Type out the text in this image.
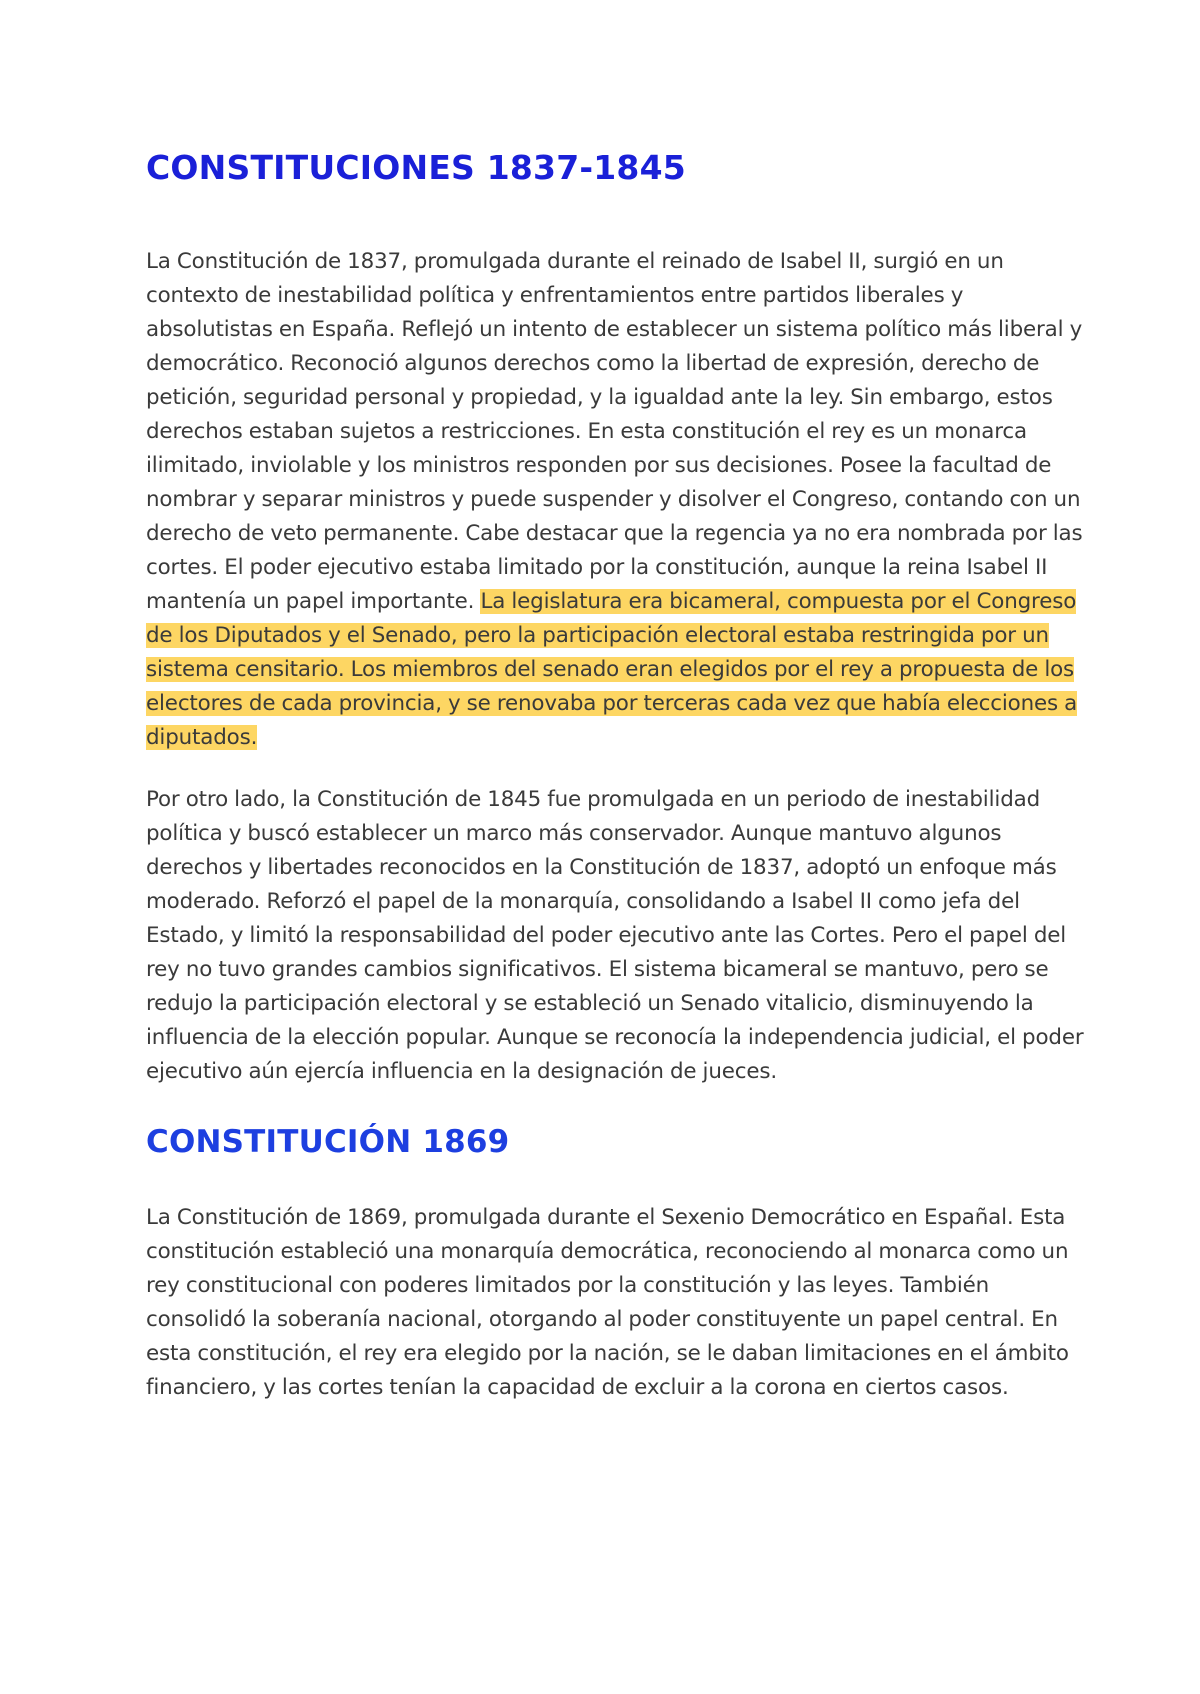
CONSTITUCIONES 1837-1845

La Constitución de 1837, promulgada durante el reinado de Isabel II, surgió en un contexto de inestabilidad política y enfrentamientos entre partidos liberales y absolutistas en España. Reflejó un intento de establecer un sistema político más liberal y democrático. Reconoció algunos derechos como la libertad de expresión, derecho de petición, seguridad personal y propiedad, y la igualdad ante la ley. Sin embargo, estos derechos estaban sujetos a restricciones. En esta constitución el rey es un monarca ilimitado, inviolable y los ministros responden por sus decisiones. Posee la facultad de nombrar y separar ministros y puede suspender y disolver el Congreso, contando con un derecho de veto permanente. Cabe destacar que la regencia ya no era nombrada por las cortes. El poder ejecutivo estaba limitado por la constitución, aunque la reina Isabel II mantenía un papel importante. La legislatura era bicameral, compuesta por el Congreso de los Diputados y el Senado, pero la participación electoral estaba restringida por un sistema censitario. Los miembros del senado eran elegidos por el rey a propuesta de los electores de cada provincia, y se renovaba por terceras cada vez que había elecciones a diputados.

Por otro lado, la Constitución de 1845 fue promulgada en un periodo de inestabilidad política y buscó establecer un marco más conservador. Aunque mantuvo algunos derechos y libertades reconocidos en la Constitución de 1837, adoptó un enfoque más moderado. Reforzó el papel de la monarquía, consolidando a Isabel II como jefa del Estado, y limitó la responsabilidad del poder ejecutivo ante las Cortes. Pero el papel del rey no tuvo grandes cambios significativos. El sistema bicameral se mantuvo, pero se redujo la participación electoral y se estableció un Senado vitalicio, disminuyendo la influencia de la elección popular. Aunque se reconocía la independencia judicial, el poder ejecutivo aún ejercía influencia en la designación de jueces.

CONSTITUCIÓN 1869

La Constitución de 1869, promulgada durante el Sexenio Democrático en Españal. Esta constitución estableció una monarquía democrática, reconociendo al monarca como un rey constitucional con poderes limitados por la constitución y las leyes. También consolidó la soberanía nacional, otorgando al poder constituyente un papel central. En esta constitución, el rey era elegido por la nación, se le daban limitaciones en el ámbito financiero, y las cortes tenían la capacidad de excluir a la corona en ciertos casos.
